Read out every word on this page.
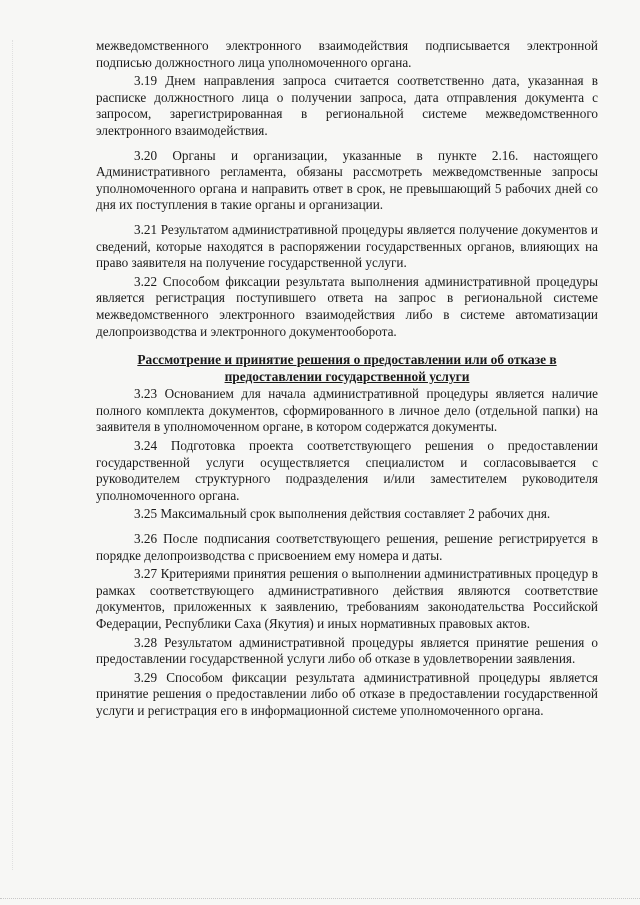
межведомственного электронного взаимодействия подписывается электронной подписью должностного лица уполномоченного органа.

3.19 Днем направления запроса считается соответственно дата, указанная в расписке должностного лица о получении запроса, дата отправления документа с запросом, зарегистрированная в региональной системе межведомственного электронного взаимодействия.

3.20 Органы и организации, указанные в пункте 2.16. настоящего Административного регламента, обязаны рассмотреть межведомственные запросы уполномоченного органа и направить ответ в срок, не превышающий 5 рабочих дней со дня их поступления в такие органы и организации.

3.21 Результатом административной процедуры является получение документов и сведений, которые находятся в распоряжении государственных органов, влияющих на право заявителя на получение государственной услуги.

3.22 Способом фиксации результата выполнения административной процедуры является регистрация поступившего ответа на запрос в региональной системе межведомственного электронного взаимодействия либо в системе автоматизации делопроизводства и электронного документооборота.

Рассмотрение и принятие решения о предоставлении или об отказе в предоставлении государственной услуги

3.23 Основанием для начала административной процедуры является наличие полного комплекта документов, сформированного в личное дело (отдельной папки) на заявителя в уполномоченном органе, в котором содержатся документы.

3.24 Подготовка проекта соответствующего решения о предоставлении государственной услуги осуществляется специалистом и согласовывается с руководителем структурного подразделения и/или заместителем руководителя уполномоченного органа.

3.25 Максимальный срок выполнения действия составляет 2 рабочих дня.

3.26 После подписания соответствующего решения, решение регистрируется в порядке делопроизводства с присвоением ему номера и даты.

3.27 Критериями принятия решения о выполнении административных процедур в рамках соответствующего административного действия являются соответствие документов, приложенных к заявлению, требованиям законодательства Российской Федерации, Республики Саха (Якутия) и иных нормативных правовых актов.

3.28 Результатом административной процедуры является принятие решения о предоставлении государственной услуги либо об отказе в удовлетворении заявления.

3.29 Способом фиксации результата административной процедуры является принятие решения о предоставлении либо об отказе в предоставлении государственной услуги и регистрация его в информационной системе уполномоченного органа.
